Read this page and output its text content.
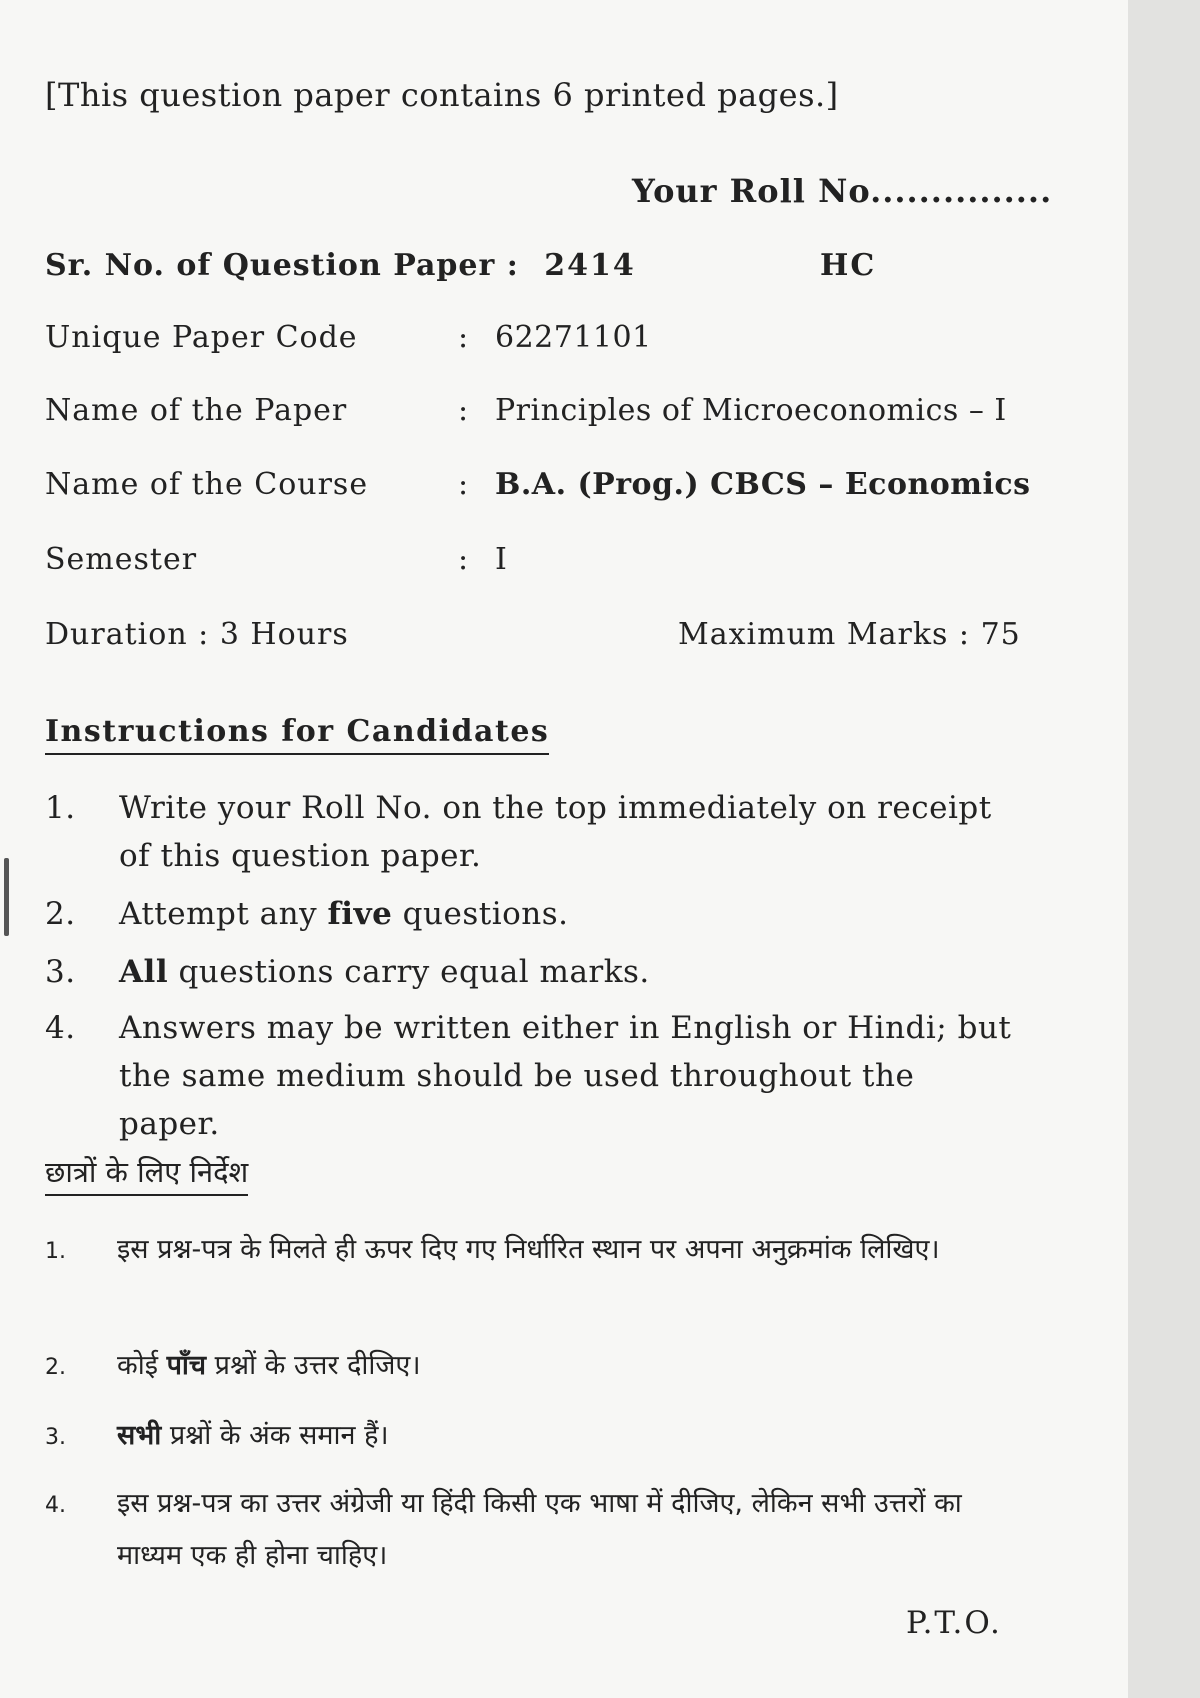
[This question paper contains 6 printed pages.]
Your Roll No...............
Sr. No. of Question Paper : 2414	HC
Unique Paper Code	: 62271101
Name of the Paper	: Principles of Microeconomics – I
Name of the Course	: B.A. (Prog.) CBCS – Economics
Semester	: I
Duration : 3 Hours	Maximum Marks : 75
Instructions for Candidates
1. Write your Roll No. on the top immediately on receipt of this question paper.
2. Attempt any five questions.
3. All questions carry equal marks.
4. Answers may be written either in English or Hindi; but the same medium should be used throughout the paper.
छात्रों के लिए निर्देश
1. इस प्रश्न-पत्र के मिलते ही ऊपर दिए गए निर्धारित स्थान पर अपना अनुक्रमांक लिखिए।
2. कोई पाँच प्रश्नों के उत्तर दीजिए।
3. सभी प्रश्नों के अंक समान हैं।
4. इस प्रश्न-पत्र का उत्तर अंग्रेजी या हिंदी किसी एक भाषा में दीजिए, लेकिन सभी उत्तरों का माध्यम एक ही होना चाहिए।
P.T.O.
